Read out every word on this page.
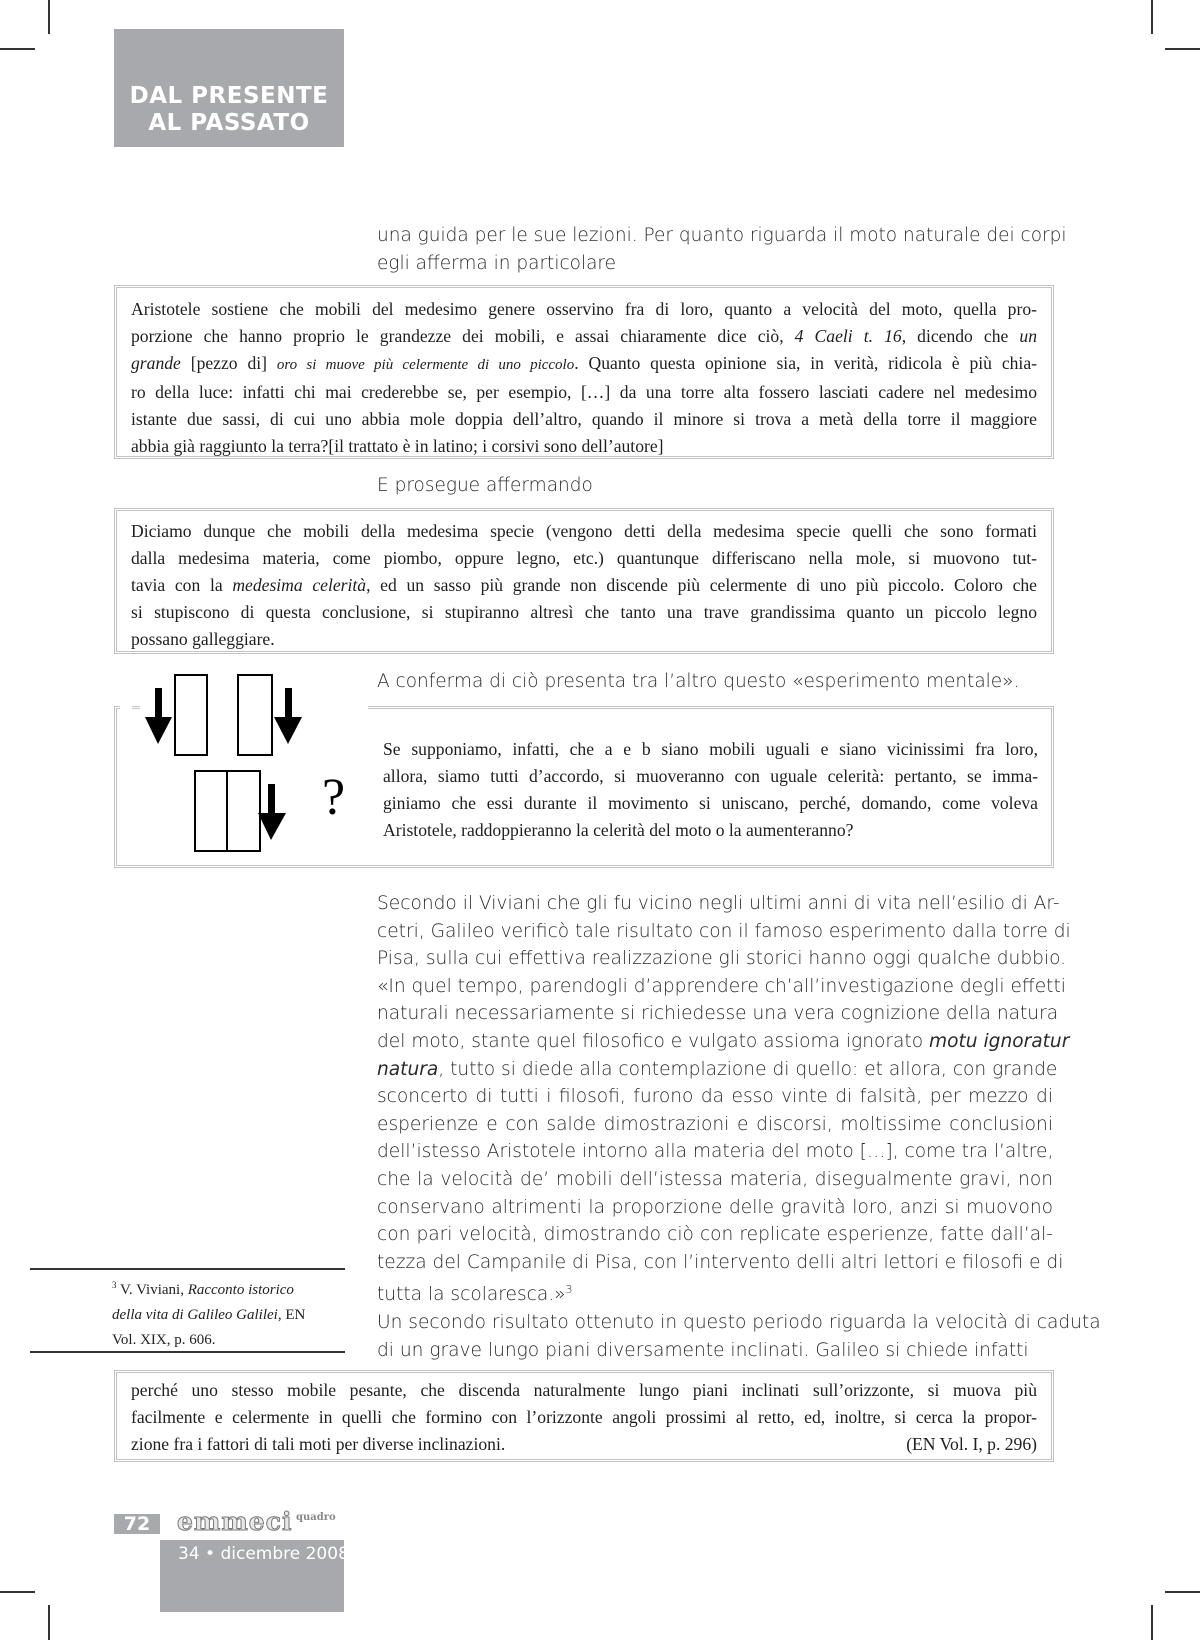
DAL PRESENTE
AL PASSATO
una guida per le sue lezioni. Per quanto riguarda il moto naturale dei corpi
egli afferma in particolare
Aristotele sostiene che mobili del medesimo genere osservino fra di loro, quanto a velocità del moto, quella pro-
porzione che hanno proprio le grandezze dei mobili, e assai chiaramente dice ciò, 4 Caeli t. 16, dicendo che un
grande [pezzo di] oro si muove più celermente di uno piccolo. Quanto questa opinione sia, in verità, ridicola è più chia-
ro della luce: infatti chi mai crederebbe se, per esempio, […] da una torre alta fossero lasciati cadere nel medesimo
istante due sassi, di cui uno abbia mole doppia dell’altro, quando il minore si trova a metà della torre il maggiore
abbia già raggiunto la terra?[il trattato è in latino; i corsivi sono dell’autore]
E prosegue affermando
Diciamo dunque che mobili della medesima specie (vengono detti della medesima specie quelli che sono formati
dalla medesima materia, come piombo, oppure legno, etc.) quantunque differiscano nella mole, si muovono tut-
tavia con la medesima celerità, ed un sasso più grande non discende più celermente di uno più piccolo. Coloro che
si stupiscono di questa conclusione, si stupiranno altresì che tanto una trave grandissima quanto un piccolo legno
possano galleggiare.
A conferma di ciò presenta tra l’altro questo «esperimento mentale».
?
Se supponiamo, infatti, che a e b siano mobili uguali e siano vicinissimi fra loro,
allora, siamo tutti d’accordo, si muoveranno con uguale celerità: pertanto, se imma-
giniamo che essi durante il movimento si uniscano, perché, domando, come voleva
Aristotele, raddoppieranno la celerità del moto o la aumenteranno?
Secondo il Viviani che gli fu vicino negli ultimi anni di vita nell’esilio di Ar-
cetri, Galileo verificò tale risultato con il famoso esperimento dalla torre di
Pisa, sulla cui effettiva realizzazione gli storici hanno oggi qualche dubbio.
«In quel tempo, parendogli d’apprendere ch’all’investigazione degli effetti
naturali necessariamente si richiedesse una vera cognizione della natura
del moto, stante quel filosofico e vulgato assioma ignorato motu ignoratur
natura, tutto si diede alla contemplazione di quello: et allora, con grande
sconcerto di tutti i filosofi, furono da esso vinte di falsità, per mezzo di
esperienze e con salde dimostrazioni e discorsi, moltissime conclusioni
dell’istesso Aristotele intorno alla materia del moto […], come tra l’altre,
che la velocità de’ mobili dell’istessa materia, disegualmente gravi, non
conservano altrimenti la proporzione delle gravità loro, anzi si muovono
con pari velocità, dimostrando ciò con replicate esperienze, fatte dall’al-
tezza del Campanile di Pisa, con l’intervento delli altri lettori e filosofi e di
tutta la scolaresca.»$^3$
Un secondo risultato ottenuto in questo periodo riguarda la velocità di caduta
di un grave lungo piani diversamente inclinati. Galileo si chiede infatti
$^3$ V. Viviani, Racconto istorico
della vita di Galileo Galilei, EN
Vol. XIX, p. 606.
perché uno stesso mobile pesante, che discenda naturalmente lungo piani inclinati sull’orizzonte, si muova più
facilmente e celermente in quelli che formino con l’orizzonte angoli prossimi al retto, ed, inoltre, si cerca la propor-
zione fra i fattori di tali moti per diverse inclinazioni.	(EN Vol. I, p. 296)
72	emmeci quadro
34 • dicembre 2008
